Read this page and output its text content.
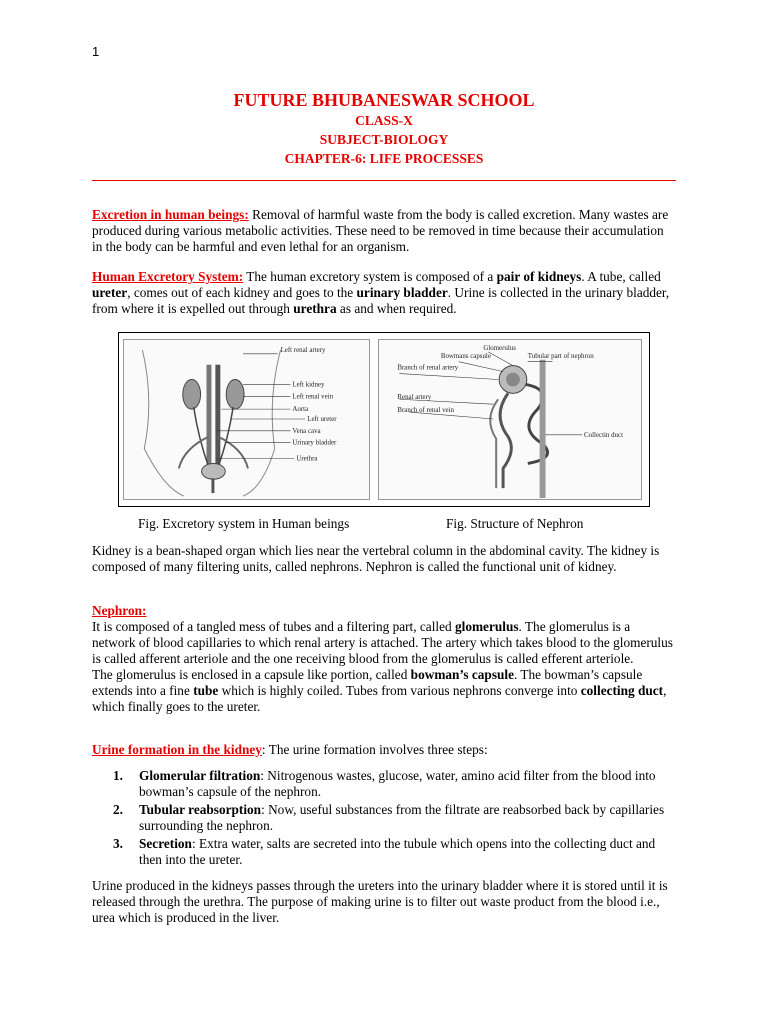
1
FUTURE BHUBANESWAR SCHOOL
CLASS-X
SUBJECT-BIOLOGY
CHAPTER-6: LIFE PROCESSES
Excretion in human beings: Removal of harmful waste from the body is called excretion. Many wastes are produced during various metabolic activities. These need to be removed in time because their accumulation in the body can be harmful and even lethal for an organism.
Human Excretory System: The human excretory system is composed of a pair of kidneys. A tube, called ureter, comes out of each kidney and goes to the urinary bladder. Urine is collected in the urinary bladder, from where it is expelled out through urethra as and when required.
Left renal artery
Left kidney
Left renal vein
Aorta
Left ureter
Vena cava
Urinary bladder
Urethra
Glomerulus
Bowmans capsule	Tubular part of nephron
Branch of renal artery
Renal artery
Branch of renal vein
Collectin duct
Fig. Excretory system in Human beings	Fig. Structure of Nephron
Kidney is a bean-shaped organ which lies near the vertebral column in the abdominal cavity. The kidney is composed of many filtering units, called nephrons. Nephron is called the functional unit of kidney.
Nephron:
It is composed of a tangled mess of tubes and a filtering part, called glomerulus. The glomerulus is a network of blood capillaries to which renal artery is attached. The artery which takes blood to the glomerulus is called afferent arteriole and the one receiving blood from the glomerulus is called efferent arteriole.
The glomerulus is enclosed in a capsule like portion, called bowman’s capsule. The bowman’s capsule extends into a fine tube which is highly coiled. Tubes from various nephrons converge into collecting duct, which finally goes to the ureter.
Urine formation in the kidney: The urine formation involves three steps:
1. Glomerular filtration: Nitrogenous wastes, glucose, water, amino acid filter from the blood into bowman’s capsule of the nephron.
2. Tubular reabsorption: Now, useful substances from the filtrate are reabsorbed back by capillaries surrounding the nephron.
3. Secretion: Extra water, salts are secreted into the tubule which opens into the collecting duct and then into the ureter.
Urine produced in the kidneys passes through the ureters into the urinary bladder where it is stored until it is released through the urethra. The purpose of making urine is to filter out waste product from the blood i.e., urea which is produced in the liver.
